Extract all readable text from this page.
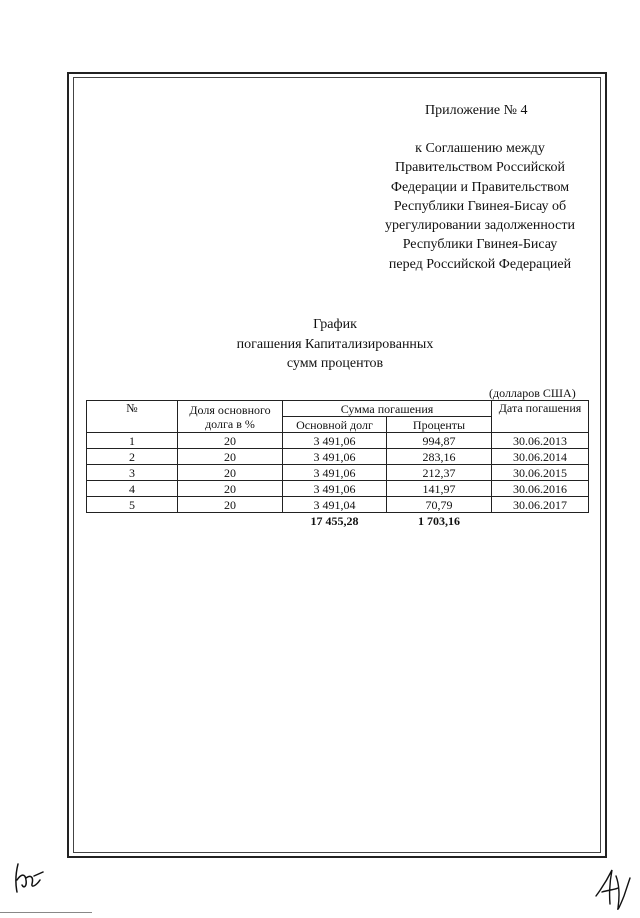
Приложение № 4
к Соглашению между
Правительством Российской
Федерации и Правительством
Республики Гвинея-Бисау об
урегулировании задолженности
Республики Гвинея-Бисау
перед Российской Федерацией
График
погашения Капитализированных
сумм процентов
(долларов США)
№	Доля основного долга в %	Сумма погашения		Дата погашения
		Основной долг	Проценты	
1	20	3 491,06	994,87	30.06.2013
2	20	3 491,06	283,16	30.06.2014
3	20	3 491,06	212,37	30.06.2015
4	20	3 491,06	141,97	30.06.2016
5	20	3 491,04	70,79	30.06.2017
		17 455,28	1 703,16	
